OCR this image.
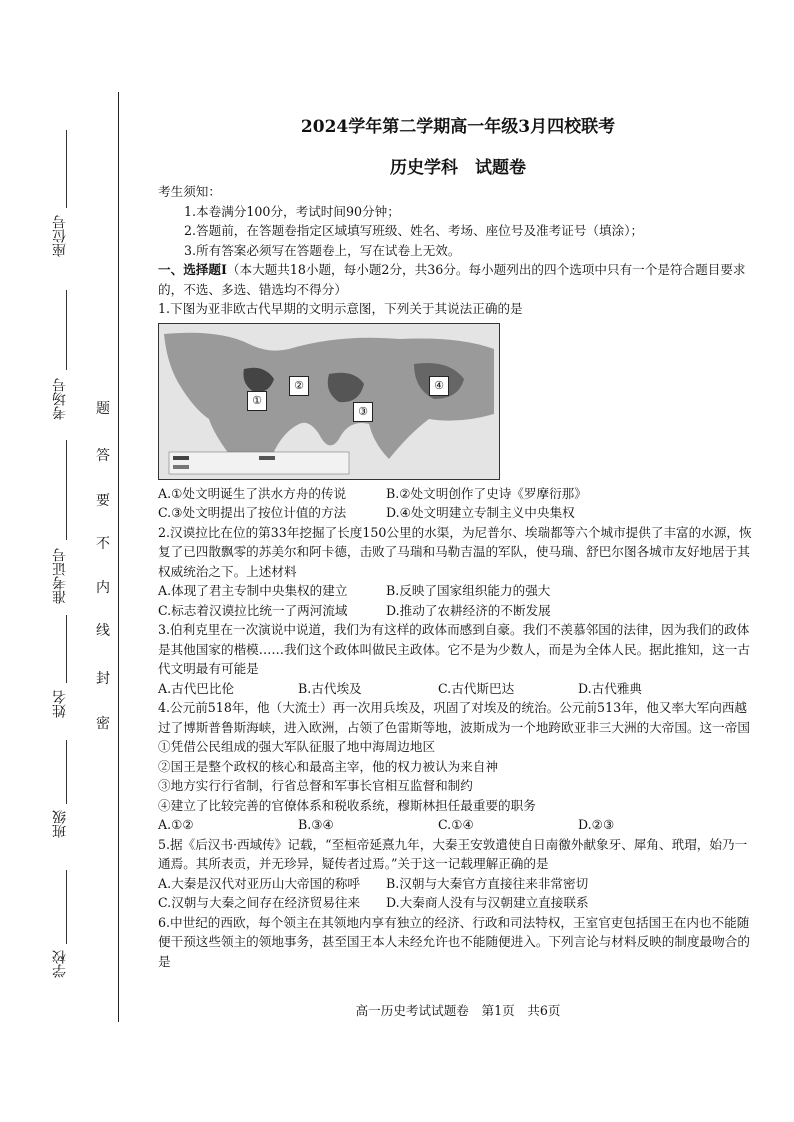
座位号
考场号
准考证号
姓名
班级
学校
题
答
要
不
内
线
封
密
2024学年第二学期高一年级3月四校联考
历史学科　试题卷

考生须知：

1.本卷满分100分，考试时间90分钟；

2.答题前，在答题卷指定区域填写班级、姓名、考场、座位号及准考证号（填涂）；

3.所有答案必须写在答题卷上，写在试卷上无效。

一、选择题Ⅰ（本大题共18小题，每小题2分，共36分。每小题列出的四个选项中只有一个是符合题目要求的，不选、多选、错选均不得分）

1.下图为亚非欧古代早期的文明示意图，下列关于其说法正确的是

①
②
③
④
A.①处文明诞生了洪水方舟的传说	B.②处文明创作了史诗《罗摩衍那》
C.③处文明提出了按位计值的方法	D.④处文明建立专制主义中央集权

2.汉谟拉比在位的第33年挖掘了长度150公里的水渠，为尼普尔、埃瑞都等六个城市提供了丰富的水源，恢复了已四散飘零的苏美尔和阿卡德，击败了马瑞和马勒吉温的军队，使马瑞、舒巴尔图各城市友好地居于其权威统治之下。上述材料

A.体现了君主专制中央集权的建立	B.反映了国家组织能力的强大
C.标志着汉谟拉比统一了两河流域	D.推动了农耕经济的不断发展

3.伯利克里在一次演说中说道，我们为有这样的政体而感到自豪。我们不羡慕邻国的法律，因为我们的政体是其他国家的楷模……我们这个政体叫做民主政体。它不是为少数人，而是为全体人民。据此推知，这一古代文明最有可能是

A.古代巴比伦	B.古代埃及	C.古代斯巴达	D.古代雅典

4.公元前518年，他（大流士）再一次用兵埃及，巩固了对埃及的统治。公元前513年，他又率大军向西越过了博斯普鲁斯海峡，进入欧洲，占领了色雷斯等地，波斯成为一个地跨欧亚非三大洲的大帝国。这一帝国

①凭借公民组成的强大军队征服了地中海周边地区

②国王是整个政权的核心和最高主宰，他的权力被认为来自神

③地方实行行省制，行省总督和军事长官相互监督和制约

④建立了比较完善的官僚体系和税收系统，穆斯林担任最重要的职务

A.①②	B.③④	C.①④	D.②③

5.据《后汉书·西域传》记载，“至桓帝延熹九年，大秦王安敦遣使自日南徼外献象牙、犀角、玳瑁，始乃一通焉。其所表贡，并无珍异，疑传者过焉。”关于这一记载理解正确的是

A.大秦是汉代对亚历山大帝国的称呼	B.汉朝与大秦官方直接往来非常密切
C.汉朝与大秦之间存在经济贸易往来	D.大秦商人没有与汉朝建立直接联系

6.中世纪的西欧，每个领主在其领地内享有独立的经济、行政和司法特权，王室官吏包括国王在内也不能随便干预这些领主的领地事务，甚至国王本人未经允许也不能随便进入。下列言论与材料反映的制度最吻合的是

高一历史考试试题卷　第1页　共6页
